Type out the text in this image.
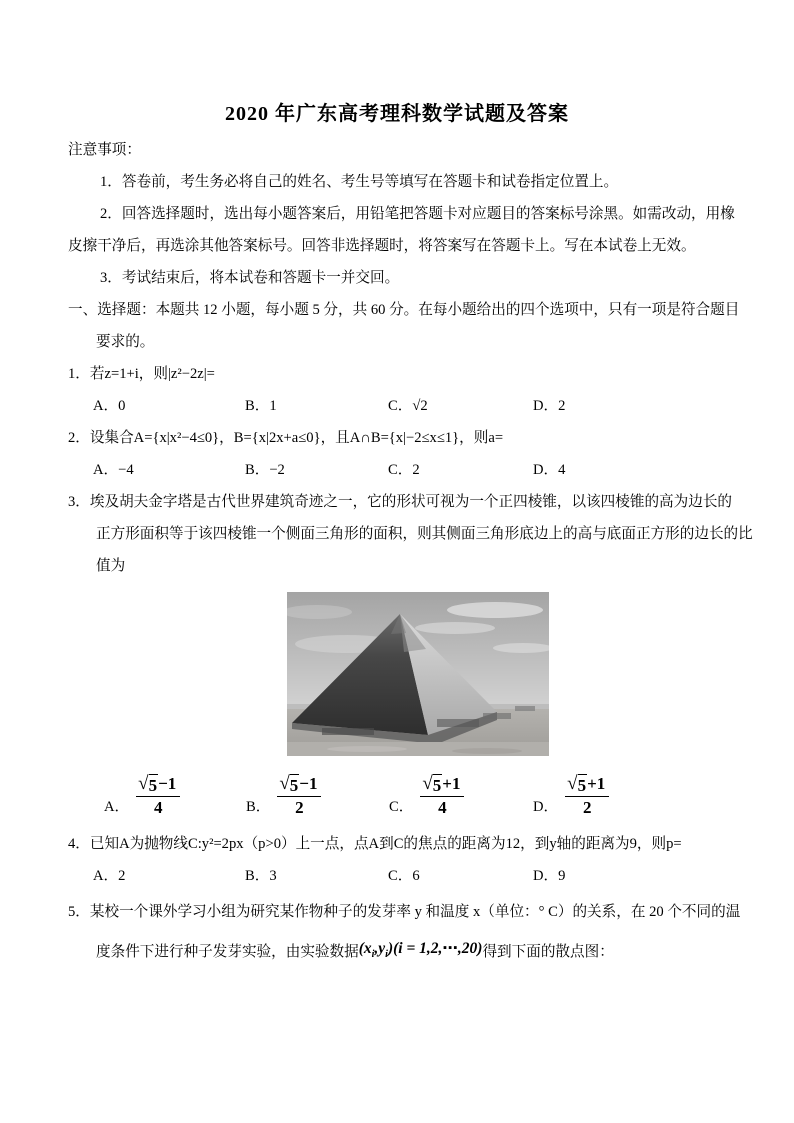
2020 年广东高考理科数学试题及答案
注意事项：
1．答卷前，考生务必将自己的姓名、考生号等填写在答题卡和试卷指定位置上。
2．回答选择题时，选出每小题答案后，用铅笔把答题卡对应题目的答案标号涂黑。如需改动，用橡
皮擦干净后，再选涂其他答案标号。回答非选择题时，将答案写在答题卡上。写在本试卷上无效。
3．考试结束后，将本试卷和答题卡一并交回。
一、选择题：本题共 12 小题，每小题 5 分，共 60 分。在每小题给出的四个选项中，只有一项是符合题目
要求的。
1．若z=1+i，则|z²−2z|=
A．0	B．1	C．√2	D．2
2．设集合A={x|x²−4≤0}，B={x|2x+a≤0}，且A∩B={x|−2≤x≤1}，则a=
A．−4	B．−2	C．2	D．4
3．埃及胡夫金字塔是古代世界建筑奇迹之一，它的形状可视为一个正四棱锥，以该四棱锥的高为边长的
正方形面积等于该四棱锥一个侧面三角形的面积，则其侧面三角形底边上的高与底面正方形的边长的比
值为
A． $\frac{√ 5 -1}{4}$	B． $\frac{√ 5 -1}{2}$	C． $\frac{√ 5 +1}{4}$	D． $\frac{√ 5 +1}{2}$
4．已知A为抛物线C:y²=2px（p>0）上一点，点A到C的焦点的距离为12，到y轴的距离为9，则p=
A．2	B．3	C．6	D．9
5．某校一个课外学习小组为研究某作物种子的发芽率 y 和温度 x（单位：° C）的关系，在 20 个不同的温
度条件下进行种子发芽实验，由实验数据$(x_i,y_i)(i$ = 1,2,⋯,20)得到下面的散点图：
